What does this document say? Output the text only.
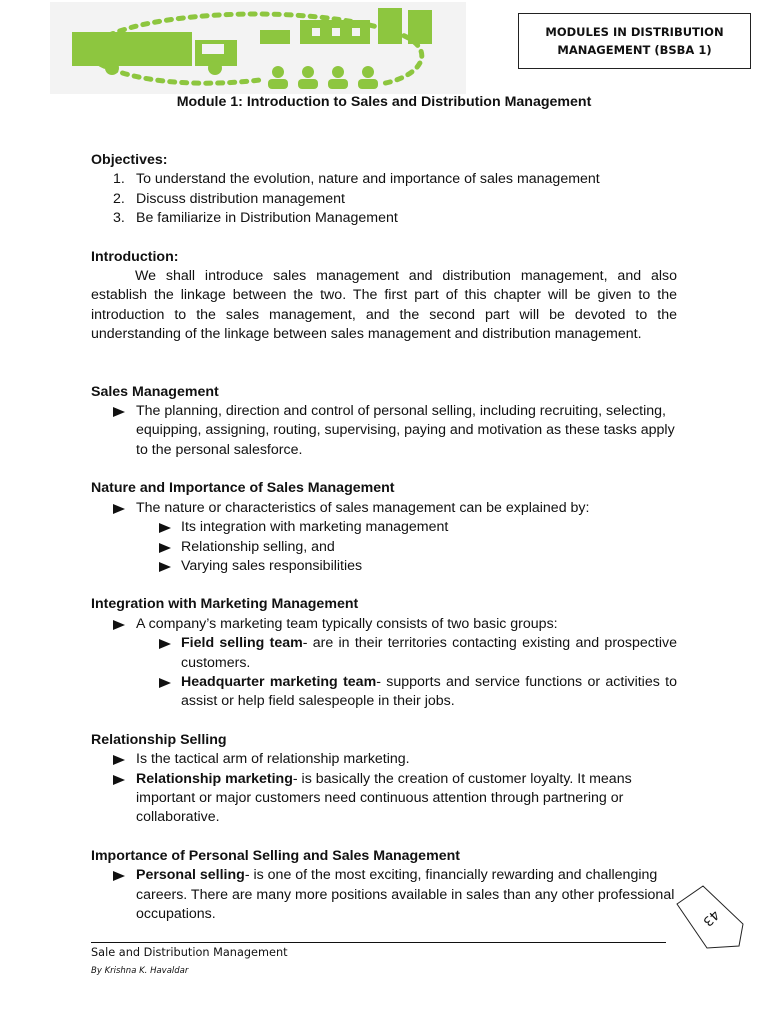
MODULES IN DISTRIBUTION
MANAGEMENT (BSBA 1)
Module 1: Introduction to Sales and Distribution Management
Objectives:
1. To understand the evolution, nature and importance of sales management
2. Discuss distribution management
3. Be familiarize in Distribution Management
Introduction:

We shall introduce sales management and distribution management, and also establish the linkage between the two. The first part of this chapter will be given to the introduction to the sales management, and the second part will be devoted to the understanding of the linkage between sales management and distribution management.

Sales Management
The planning, direction and control of personal selling, including recruiting, selecting, equipping, assigning, routing, supervising, paying and motivation as these tasks apply to the personal salesforce.
Nature and Importance of Sales Management
The nature or characteristics of sales management can be explained by:
Its integration with marketing management
Relationship selling, and
Varying sales responsibilities
Integration with Marketing Management
A company’s marketing team typically consists of two basic groups:
Field selling team- are in their territories contacting existing and prospective customers.
Headquarter marketing team- supports and service functions or activities to assist or help field salespeople in their jobs.
Relationship Selling
Is the tactical arm of relationship marketing.
Relationship marketing- is basically the creation of customer loyalty. It means important or major customers need continuous attention through partnering or collaborative.
Importance of Personal Selling and Sales Management
Personal selling- is one of the most exciting, financially rewarding and challenging careers. There are many more positions available in sales than any other professional occupations.
Sale and Distribution Management
By Krishna K. Havaldar
43
